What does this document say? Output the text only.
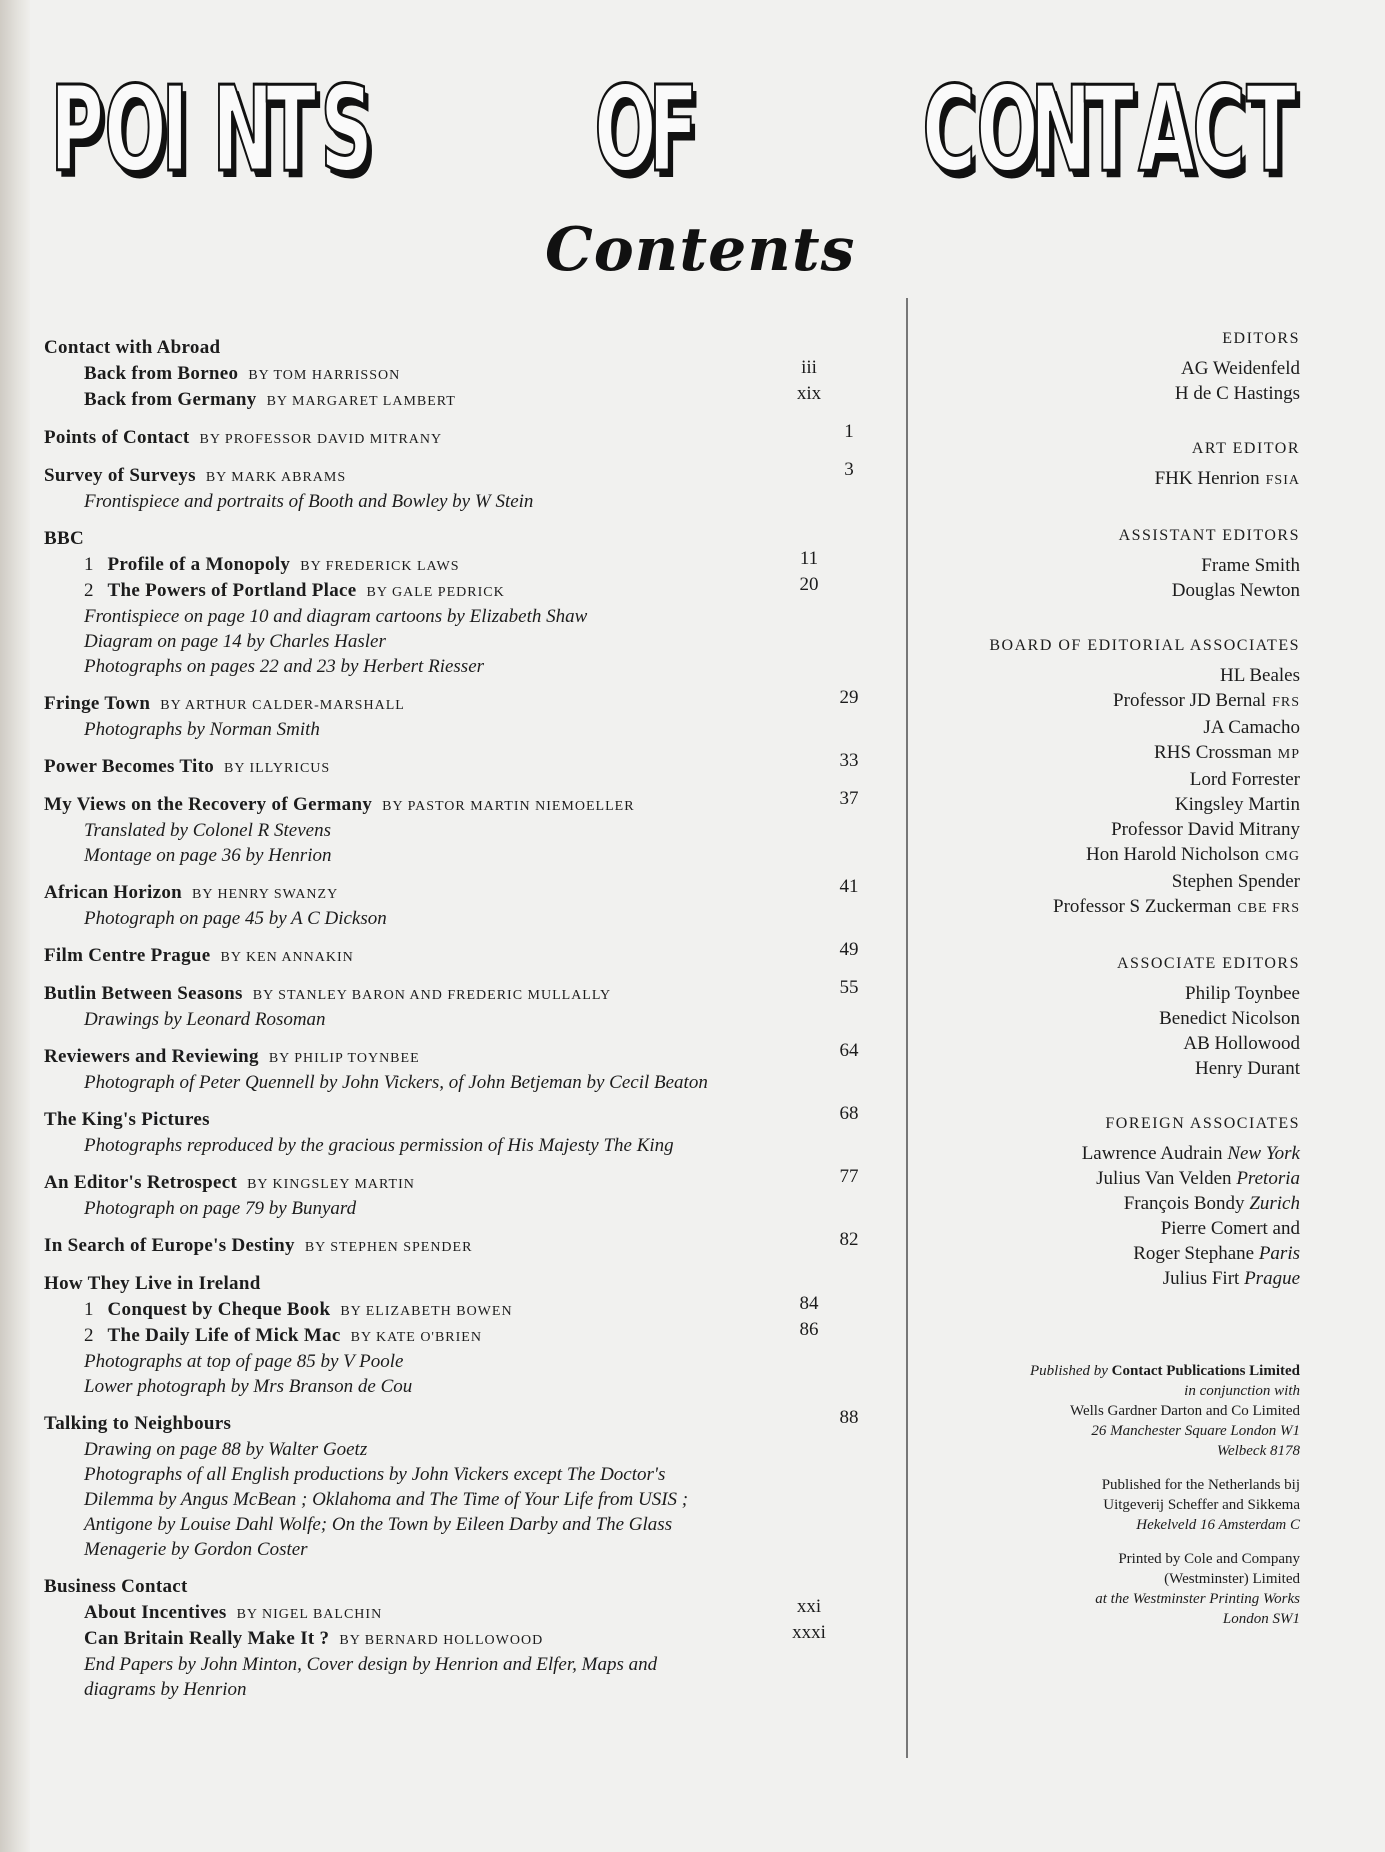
P O
I N
T S O
F C O
N
T A
C T
Contents
Contact with Abroad
Back from Borneo BY TOM HARRISSON	iii
Back from Germany BY MARGARET LAMBERT	xix
Points of Contact BY PROFESSOR DAVID MITRANY	1
Survey of Surveys BY MARK ABRAMS	3
Frontispiece and portraits of Booth and Bowley by W Stein
BBC
1 Profile of a Monopoly BY FREDERICK LAWS	11
2 The Powers of Portland Place BY GALE PEDRICK	20
Frontispiece on page 10 and diagram cartoons by Elizabeth Shaw
Diagram on page 14 by Charles Hasler
Photographs on pages 22 and 23 by Herbert Riesser
Fringe Town BY ARTHUR CALDER-MARSHALL	29
Photographs by Norman Smith
Power Becomes Tito BY ILLYRICUS	33
My Views on the Recovery of Germany BY PASTOR MARTIN NIEMOELLER	37
Translated by Colonel R Stevens
Montage on page 36 by Henrion
African Horizon BY HENRY SWANZY	41
Photograph on page 45 by A C Dickson
Film Centre Prague BY KEN ANNAKIN	49
Butlin Between Seasons BY STANLEY BARON AND FREDERIC MULLALLY	55
Drawings by Leonard Rosoman
Reviewers and Reviewing BY PHILIP TOYNBEE	64
Photograph of Peter Quennell by John Vickers, of John Betjeman by Cecil Beaton
The King's Pictures	68
Photographs reproduced by the gracious permission of His Majesty The King
An Editor's Retrospect BY KINGSLEY MARTIN	77
Photograph on page 79 by Bunyard
In Search of Europe's Destiny BY STEPHEN SPENDER	82
How They Live in Ireland
1 Conquest by Cheque Book BY ELIZABETH BOWEN	84
2 The Daily Life of Mick Mac BY KATE O'BRIEN	86
Photographs at top of page 85 by V Poole
Lower photograph by Mrs Branson de Cou
Talking to Neighbours	88
Drawing on page 88 by Walter Goetz
Photographs of all English productions by John Vickers except The Doctor's
Dilemma by Angus McBean ; Oklahoma and The Time of Your Life from USIS ;
Antigone by Louise Dahl Wolfe; On the Town by Eileen Darby and The Glass
Menagerie by Gordon Coster
Business Contact
About Incentives BY NIGEL BALCHIN	xxi
Can Britain Really Make It ? BY BERNARD HOLLOWOOD	xxxi
End Papers by John Minton, Cover design by Henrion and Elfer, Maps and
diagrams by Henrion
EDITORS
AG Weidenfeld
H de C Hastings
ART EDITOR
FHK Henrion FSIA
ASSISTANT EDITORS
Frame Smith
Douglas Newton
BOARD OF EDITORIAL ASSOCIATES
HL Beales
Professor JD Bernal FRS
JA Camacho
RHS Crossman MP
Lord Forrester
Kingsley Martin
Professor David Mitrany
Hon Harold Nicholson CMG
Stephen Spender
Professor S Zuckerman CBE FRS
ASSOCIATE EDITORS
Philip Toynbee
Benedict Nicolson
AB Hollowood
Henry Durant
FOREIGN ASSOCIATES
Lawrence Audrain New York
Julius Van Velden Pretoria
François Bondy Zurich
Pierre Comert and
Roger Stephane Paris
Julius Firt Prague
Published by Contact Publications Limited
in conjunction with
Wells Gardner Darton and Co Limited
26 Manchester Square London W1
Welbeck 8178
Published for the Netherlands bij
Uitgeverij Scheffer and Sikkema
Hekelveld 16 Amsterdam C
Printed by Cole and Company
(Westminster) Limited
at the Westminster Printing Works
London SW1
